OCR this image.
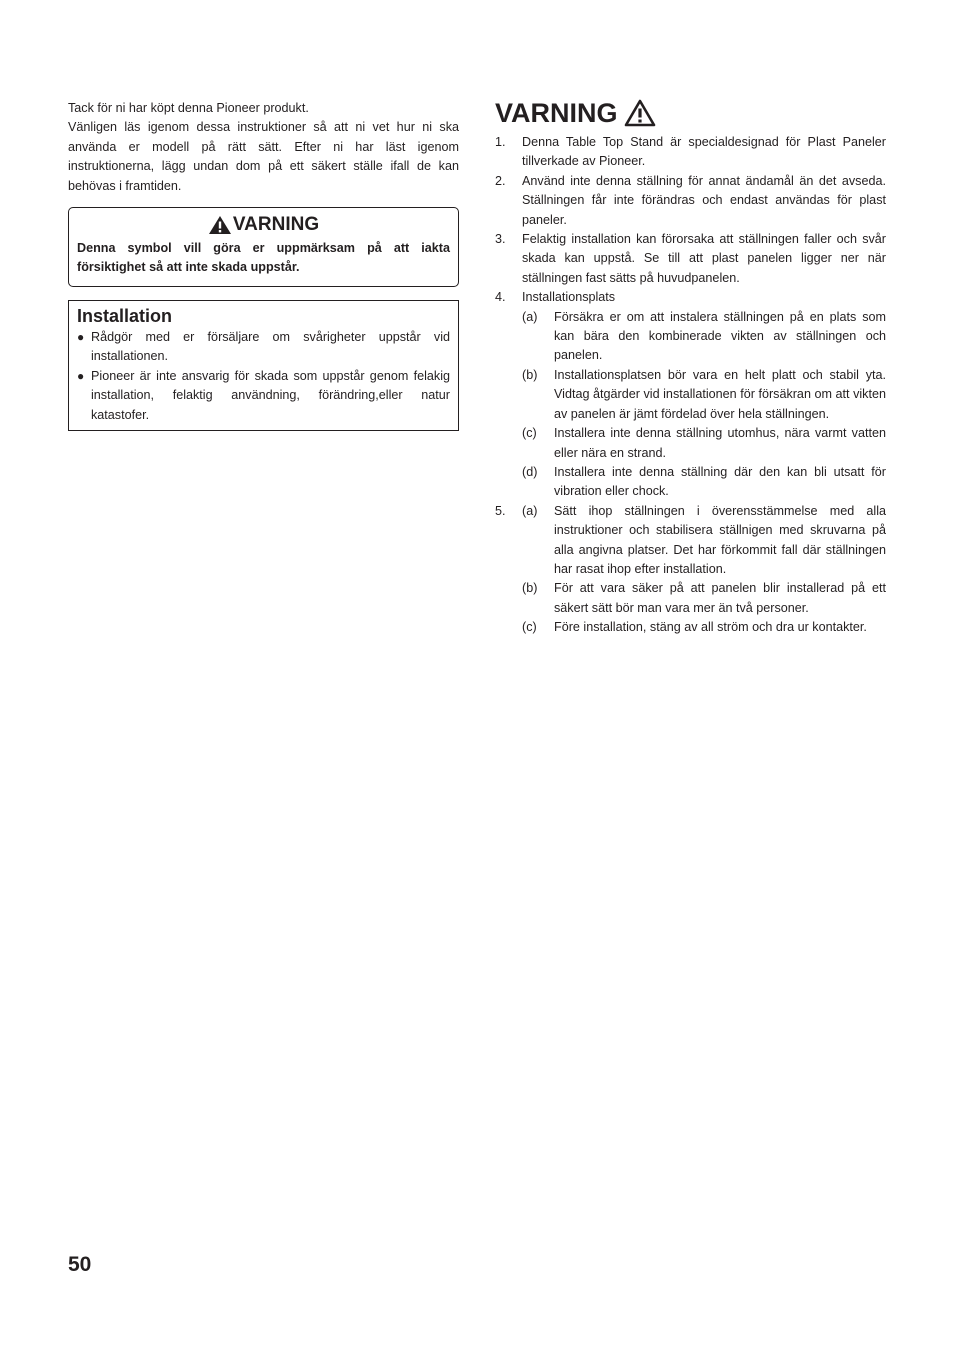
Tack för ni har köpt denna Pioneer produkt.

Vänligen läs igenom dessa instruktioner så att ni vet hur ni ska använda er modell på rätt sätt. Efter ni har läst igenom instruktionerna, lägg undan dom på ett säkert ställe ifall de kan behövas i framtiden.

VARNING
Denna symbol vill göra er uppmärksam på att iakta försiktighet så att inte skada uppstår.
Installation
● Rådgör med er försäljare om svårigheter uppstår vid installationen.
● Pioneer är inte ansvarig för skada som uppstår genom felakig installation, felaktig användning, förändring,eller natur katastofer.
VARNING
1.	Denna Table Top Stand är specialdesignad för Plast Paneler tillverkade av Pioneer.
2.	Använd inte denna ställning för annat ändamål än det avseda. Ställningen får inte förändras och endast användas för plast paneler.
3.	Felaktig installation kan förorsaka att ställningen faller och svår skada kan uppstå. Se till att plast panelen ligger ner när ställningen fast sätts på huvudpanelen.
4.	Installationsplats
(a)	Försäkra er om att instalera ställningen på en plats som kan bära den kombinerade vikten av ställningen och panelen.
(b)	Installationsplatsen bör vara en helt platt och stabil yta. Vidtag åtgärder vid installationen för försäkran om att vikten av panelen är jämt fördelad över hela ställningen.
(c)	Installera inte denna ställning utomhus, nära varmt vatten eller nära en strand.
(d)	Installera inte denna ställning där den kan bli utsatt för vibration eller chock.
5.	(a)	Sätt ihop ställningen i överensstämmelse med alla instruktioner och stabilisera ställnigen med skruvarna på alla angivna platser. Det har förkommit fall där ställningen har rasat ihop efter installation.
(b)	För att vara säker på att panelen blir installerad på ett säkert sätt bör man vara mer än två personer.
(c)	Före installation, stäng av all ström och dra ur kontakter.
50
